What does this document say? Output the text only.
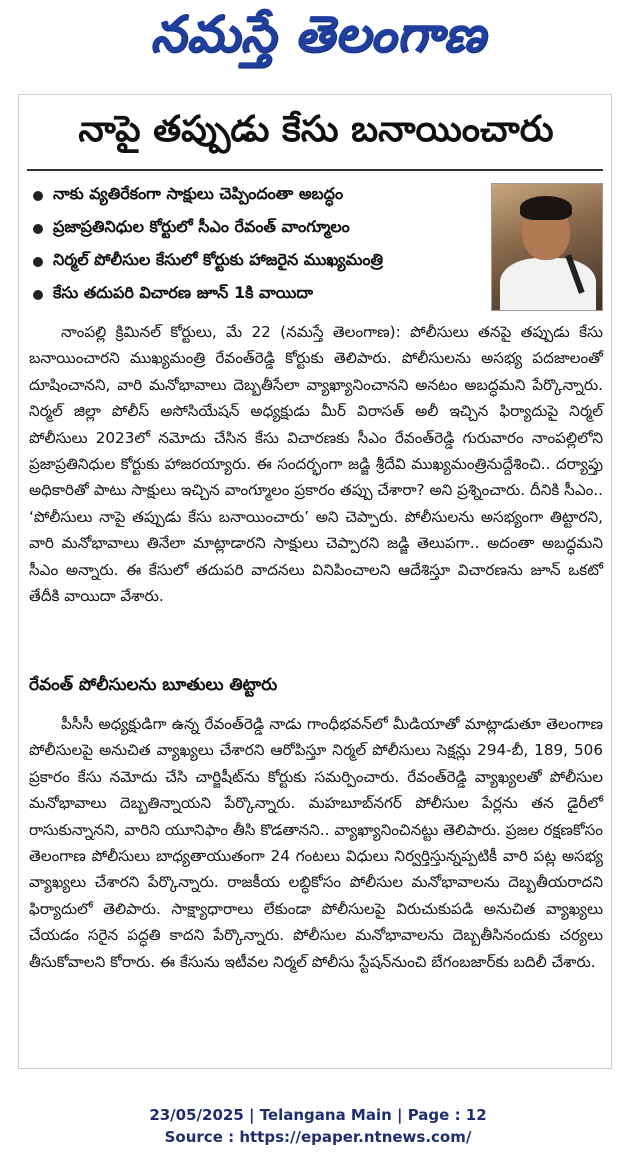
నమస్తే తెలంగాణ
నాపై తప్పుడు కేసు బనాయించారు
నాకు వ్యతిరేకంగా సాక్షులు చెప్పిందంతా అబద్ధం
ప్రజాప్రతినిధుల కోర్టులో సీఎం రేవంత్ వాంగ్మూలం
నిర్మల్ పోలీసుల కేసులో కోర్టుకు హాజరైన ముఖ్యమంత్రి
కేసు తదుపరి విచారణ జూన్ 1కి వాయిదా

నాంపల్లి క్రిమినల్ కోర్టులు, మే 22 (నమస్తే తెలంగాణ): పోలీసులు తనపై తప్పుడు కేసు బనాయించారని ముఖ్యమంత్రి రేవంత్‌రెడ్డి కోర్టుకు తెలిపారు. పోలీసులను అసభ్య పదజాలంతో దూషించానని, వారి మనోభావాలు దెబ్బతీసేలా వ్యాఖ్యానించానని అనటం అబద్ధమని పేర్కొన్నారు. నిర్మల్ జిల్లా పోలీస్ అసోసియేషన్ అధ్యక్షుడు మీర్ విరాసత్ అలీ ఇచ్చిన ఫిర్యాదుపై నిర్మల్ పోలీసులు 2023లో నమోదు చేసిన కేసు విచారణకు సీఎం రేవంత్‌రెడ్డి గురువారం నాంపల్లిలోని ప్రజాప్రతినిధుల కోర్టుకు హాజరయ్యారు. ఈ సందర్భంగా జడ్జి శ్రీదేవి ముఖ్యమంత్రినుద్దేశించి.. దర్యాప్తు అధికారితో పాటు సాక్షులు ఇచ్చిన వాంగ్మూలం ప్రకారం తప్పు చేశారా? అని ప్రశ్నించారు. దీనికి సీఎం.. ‘పోలీసులు నాపై తప్పుడు కేసు బనాయించారు’ అని చెప్పారు. పోలీసులను అసభ్యంగా తిట్టారని, వారి మనోభావాలు తినేలా మాట్లాడారని సాక్షులు చెప్పారని జడ్జి తెలుపగా.. అదంతా అబద్ధమని సీఎం అన్నారు. ఈ కేసులో తదుపరి వాదనలు వినిపించాలని ఆదేశిస్తూ విచారణను జూన్ ఒకటో తేదీకి వాయిదా వేశారు.

రేవంత్ పోలీసులను బూతులు తిట్టారు

పీసీసీ అధ్యక్షుడిగా ఉన్న రేవంత్‌రెడ్డి నాడు గాంధీభవన్‌లో మీడియాతో మాట్లాడుతూ తెలంగాణ పోలీసులపై అనుచిత వ్యాఖ్యలు చేశారని ఆరోపిస్తూ నిర్మల్ పోలీసులు సెక్షన్లు 294-బీ, 189, 506 ప్రకారం కేసు నమోదు చేసి చార్జిషీట్‌ను కోర్టుకు సమర్పించారు. రేవంత్‌రెడ్డి వ్యాఖ్యలతో పోలీసుల మనోభావాలు దెబ్బతిన్నాయని పేర్కొన్నారు. మహబూబ్‌నగర్ పోలీసుల పేర్లను తన డైరీలో రాసుకున్నానని, వారిని యూనిఫాం తీసి కొడతానని.. వ్యాఖ్యానించినట్టు తెలిపారు. ప్రజల రక్షణకోసం తెలంగాణ పోలీసులు బాధ్యతాయుతంగా 24 గంటలు విధులు నిర్వర్తిస్తున్నప్పటికీ వారి పట్ల అసభ్య వ్యాఖ్యలు చేశారని పేర్కొన్నారు. రాజకీయ లబ్ధికోసం పోలీసుల మనోభావాలను దెబ్బతీయరాదని ఫిర్యాదులో తెలిపారు. సాక్ష్యాధారాలు లేకుండా పోలీసులపై విరుచుకుపడి అనుచిత వ్యాఖ్యలు చేయడం సరైన పద్ధతి కాదని పేర్కొన్నారు. పోలీసుల మనోభావాలను దెబ్బతీసినందుకు చర్యలు తీసుకోవాలని కోరారు. ఈ కేసును ఇటీవల నిర్మల్ పోలీసు స్టేషన్‌నుంచి బేగంబజార్‌కు బదిలీ చేశారు.

23/05/2025 | Telangana Main | Page : 12
Source : https://epaper.ntnews.com/
